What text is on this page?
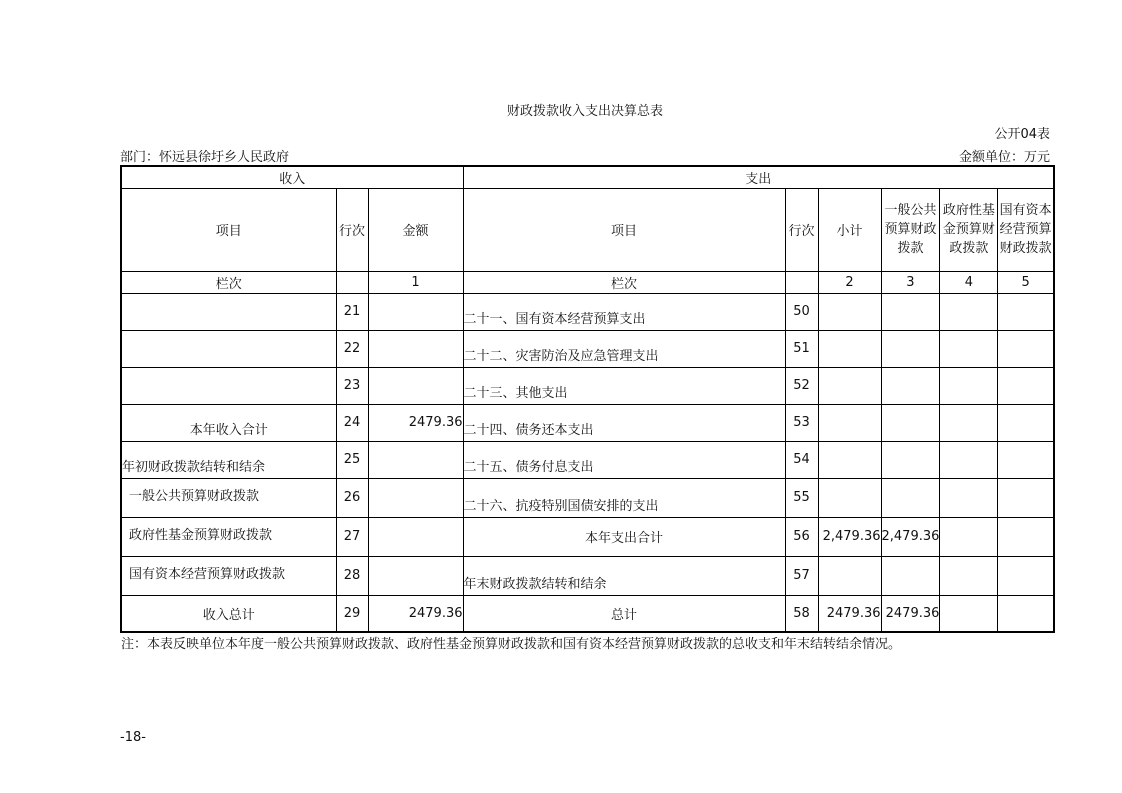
财政拨款收入支出决算总表
公开04表
部门：怀远县徐圩乡人民政府	金额单位：万元
收入			支出					
项目	行次	金额	项目	行次	小计	一般公共预算财政拨款	政府性基金预算财政拨款	国有资本经营预算财政拨款
栏次		1	栏次		2	3	4	5
	21		二十一、国有资本经营预算支出	50				
	22		二十二、灾害防治及应急管理支出	51				
	23		二十三、其他支出	52				
本年收入合计	24	2479.36	二十四、债务还本支出	53				
年初财政拨款结转和结余	25		二十五、债务付息支出	54				
一般公共预算财政拨款	26		二十六、抗疫特别国债安排的支出	55				
政府性基金预算财政拨款	27		本年支出合计	56	2,479.36	2,479.36		
国有资本经营预算财政拨款	28		年末财政拨款结转和结余	57				
收入总计	29	2479.36	总计	58	2479.36	2479.36		
注：本表反映单位本年度一般公共预算财政拨款、政府性基金预算财政拨款和国有资本经营预算财政拨款的总收支和年末结转结余情况。
-18-
